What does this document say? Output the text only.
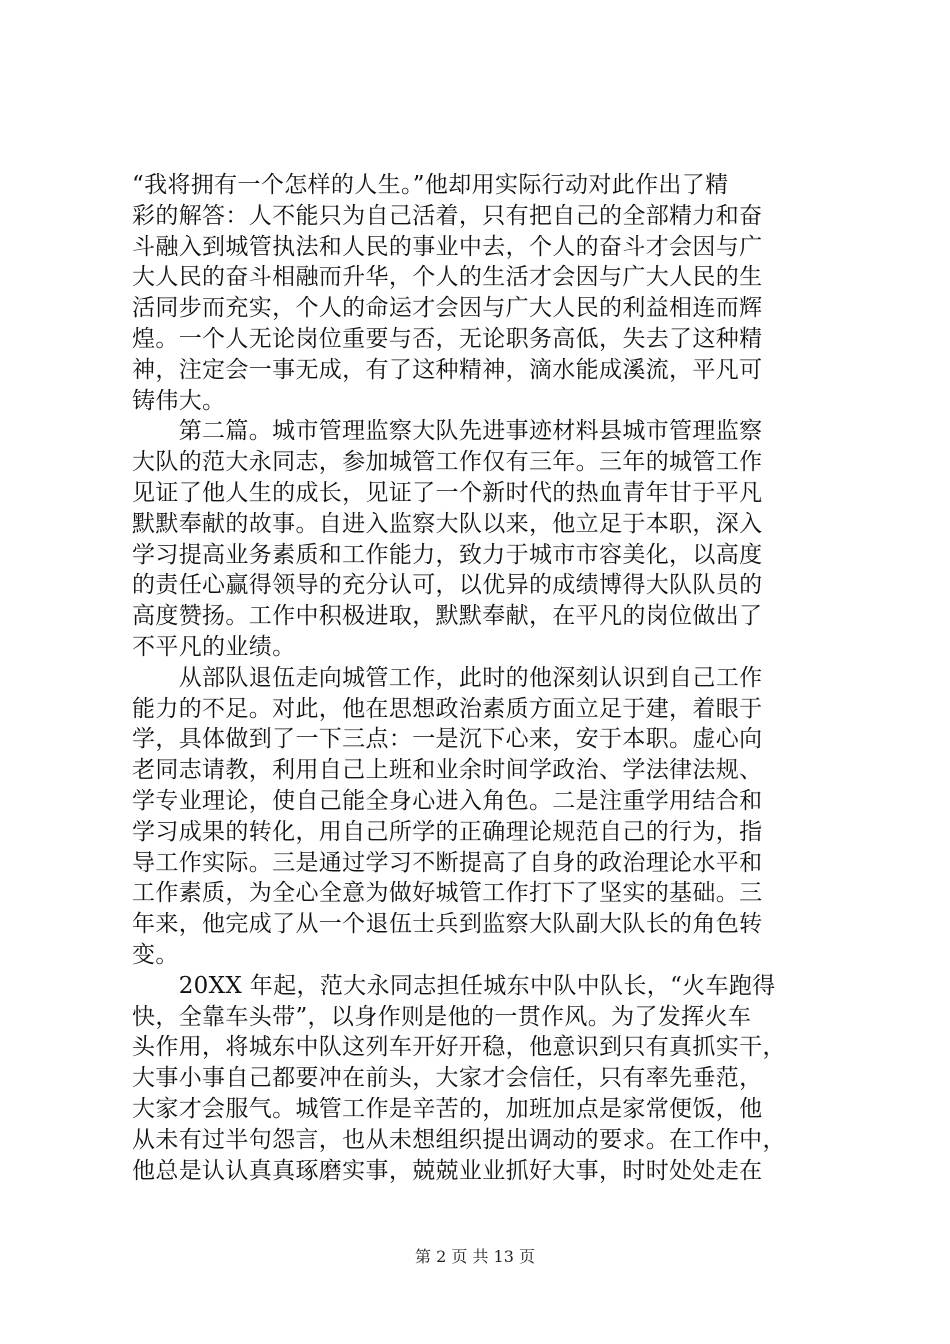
“我将拥有一个怎样的人生。”他却用实际行动对此作出了精
彩的解答：人不能只为自己活着，只有把自己的全部精力和奋
斗融入到城管执法和人民的事业中去，个人的奋斗才会因与广
大人民的奋斗相融而升华，个人的生活才会因与广大人民的生
活同步而充实，个人的命运才会因与广大人民的利益相连而辉
煌。一个人无论岗位重要与否，无论职务高低，失去了这种精
神，注定会一事无成，有了这种精神，滴水能成溪流，平凡可
铸伟大。
　　第二篇。城市管理监察大队先进事迹材料县城市管理监察
大队的范大永同志，参加城管工作仅有三年。三年的城管工作
见证了他人生的成长，见证了一个新时代的热血青年甘于平凡
默默奉献的故事。自进入监察大队以来，他立足于本职，深入
学习提高业务素质和工作能力，致力于城市市容美化，以高度
的责任心赢得领导的充分认可，以优异的成绩博得大队队员的
高度赞扬。工作中积极进取，默默奉献，在平凡的岗位做出了
不平凡的业绩。
　　从部队退伍走向城管工作，此时的他深刻认识到自己工作
能力的不足。对此，他在思想政治素质方面立足于建，着眼于
学，具体做到了一下三点：一是沉下心来，安于本职。虚心向
老同志请教，利用自己上班和业余时间学政治、学法律法规、
学专业理论，使自己能全身心进入角色。二是注重学用结合和
学习成果的转化，用自己所学的正确理论规范自己的行为，指
导工作实际。三是通过学习不断提高了自身的政治理论水平和
工作素质，为全心全意为做好城管工作打下了坚实的基础。三
年来，他完成了从一个退伍士兵到监察大队副大队长的角色转
变。
　　20XX 年起，范大永同志担任城东中队中队长，“火车跑得
快，全靠车头带”，以身作则是他的一贯作风。为了发挥火车
头作用，将城东中队这列车开好开稳，他意识到只有真抓实干，
大事小事自己都要冲在前头，大家才会信任，只有率先垂范，
大家才会服气。城管工作是辛苦的，加班加点是家常便饭，他
从未有过半句怨言，也从未想组织提出调动的要求。在工作中，
他总是认认真真琢磨实事，兢兢业业抓好大事，时时处处走在
第 2 页 共 13 页
